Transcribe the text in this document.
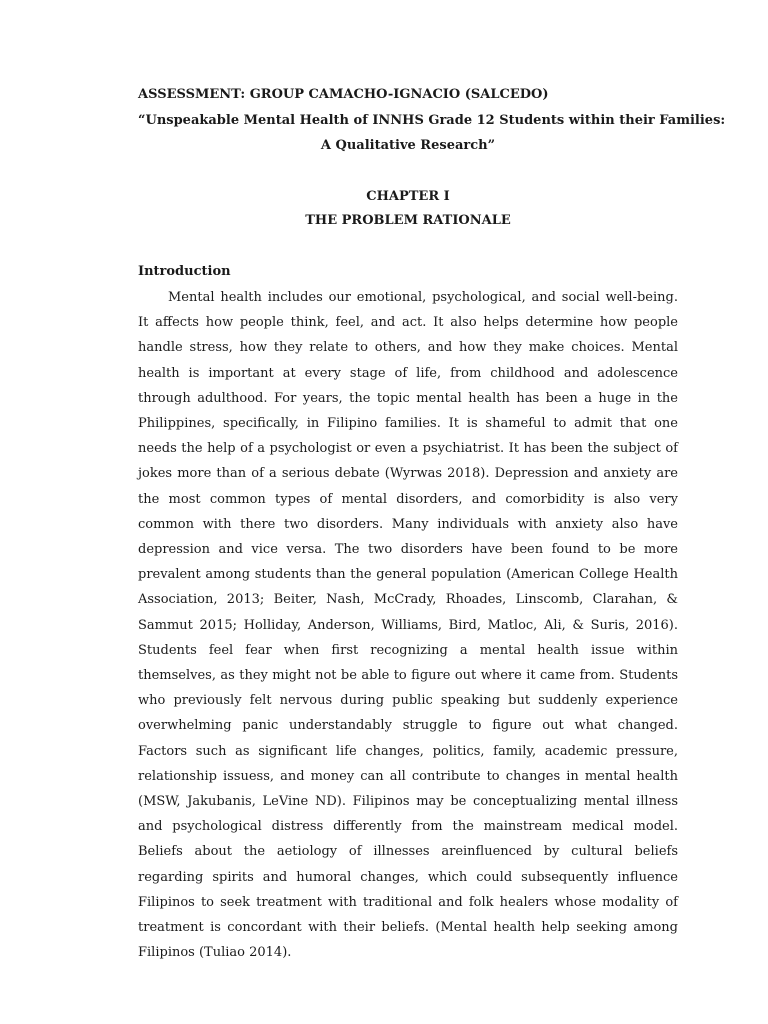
ASSESSMENT: GROUP CAMACHO-IGNACIO (SALCEDO)
“Unspeakable Mental Health of INNHS Grade 12 Students within their Families:
A Qualitative Research”
CHAPTER I
THE PROBLEM RATIONALE
Introduction

Mental health includes our emotional, psychological, and social well-being. It affects how people think, feel, and act. It also helps determine how people handle stress, how they relate to others, and how they make choices. Mental health is important at every stage of life, from childhood and adolescence through adulthood. For years, the topic mental health has been a huge in the Philippines, specifically, in Filipino families. It is shameful to admit that one needs the help of a psychologist or even a psychiatrist. It has been the subject of jokes more than of a serious debate (Wyrwas 2018). Depression and anxiety are the most common types of mental disorders, and comorbidity is also very common with there two disorders. Many individuals with anxiety also have depression and vice versa. The two disorders have been found to be more prevalent among students than the general population (American College Health Association, 2013; Beiter, Nash, McCrady, Rhoades, Linscomb, Clarahan, & Sammut 2015; Holliday, Anderson, Williams, Bird, Matloc, Ali, & Suris, 2016). Students feel fear when first recognizing a mental health issue within themselves, as they might not be able to figure out where it came from. Students who previously felt nervous during public speaking but suddenly experience overwhelming panic understandably struggle to figure out what changed. Factors such as significant life changes, politics, family, academic pressure, relationship issuess, and money can all contribute to changes in mental health (MSW, Jakubanis, LeVine ND). Filipinos may be conceptualizing mental illness and psychological distress differently from the mainstream medical model. Beliefs about the aetiology of illnesses areinfluenced by cultural beliefs regarding spirits and humoral changes, which could subsequently influence Filipinos to seek treatment with traditional and folk healers whose modality of treatment is concordant with their beliefs. (Mental health help seeking among Filipinos (Tuliao 2014).
